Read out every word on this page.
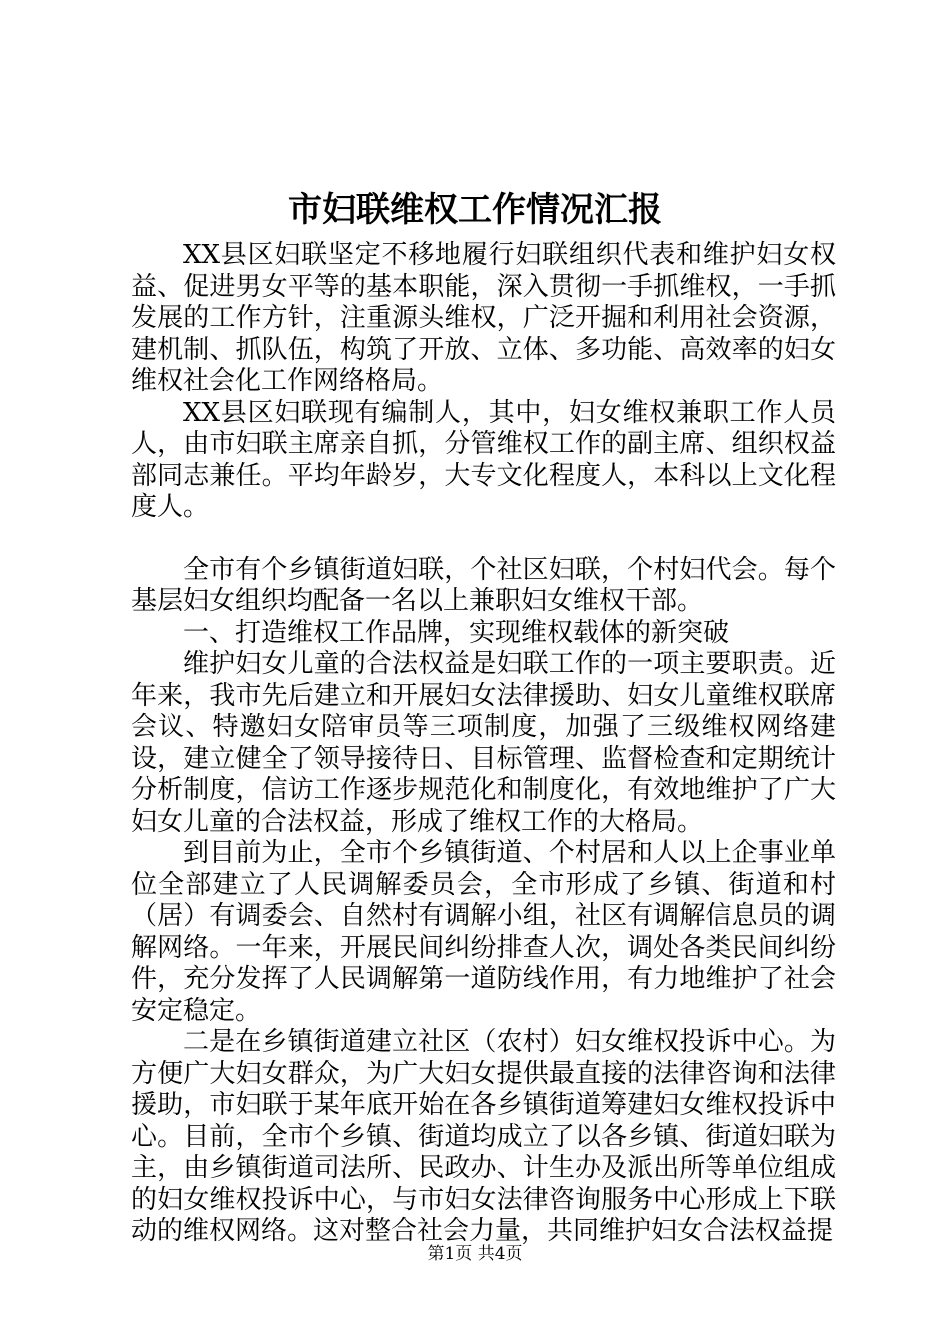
市妇联维权工作情况汇报

XX县区妇联坚定不移地履行妇联组织代表和维护妇女权益、促进男女平等的基本职能，深入贯彻一手抓维权，一手抓发展的工作方针，注重源头维权，广泛开掘和利用社会资源，建机制、抓队伍，构筑了开放、立体、多功能、高效率的妇女维权社会化工作网络格局。

XX县区妇联现有编制人，其中，妇女维权兼职工作人员人，由市妇联主席亲自抓，分管维权工作的副主席、组织权益部同志兼任。平均年龄岁，大专文化程度人，本科以上文化程度人。

全市有个乡镇街道妇联，个社区妇联，个村妇代会。每个基层妇女组织均配备一名以上兼职妇女维权干部。

一、打造维权工作品牌，实现维权载体的新突破

维护妇女儿童的合法权益是妇联工作的一项主要职责。近年来，我市先后建立和开展妇女法律援助、妇女儿童维权联席会议、特邀妇女陪审员等三项制度，加强了三级维权网络建设，建立健全了领导接待日、目标管理、监督检查和定期统计分析制度，信访工作逐步规范化和制度化，有效地维护了广大妇女儿童的合法权益，形成了维权工作的大格局。

到目前为止，全市个乡镇街道、个村居和人以上企事业单位全部建立了人民调解委员会，全市形成了乡镇、街道和村（居）有调委会、自然村有调解小组，社区有调解信息员的调解网络。一年来，开展民间纠纷排查人次，调处各类民间纠纷件，充分发挥了人民调解第一道防线作用，有力地维护了社会安定稳定。

二是在乡镇街道建立社区（农村）妇女维权投诉中心。为方便广大妇女群众，为广大妇女提供最直接的法律咨询和法律援助，市妇联于某年底开始在各乡镇街道筹建妇女维权投诉中心。目前，全市个乡镇、街道均成立了以各乡镇、街道妇联为主，由乡镇街道司法所、民政办、计生办及派出所等单位组成的妇女维权投诉中心，与市妇女法律咨询服务中心形成上下联动的维权网络。这对整合社会力量，共同维护妇女合法权益提

第1页 共4页
